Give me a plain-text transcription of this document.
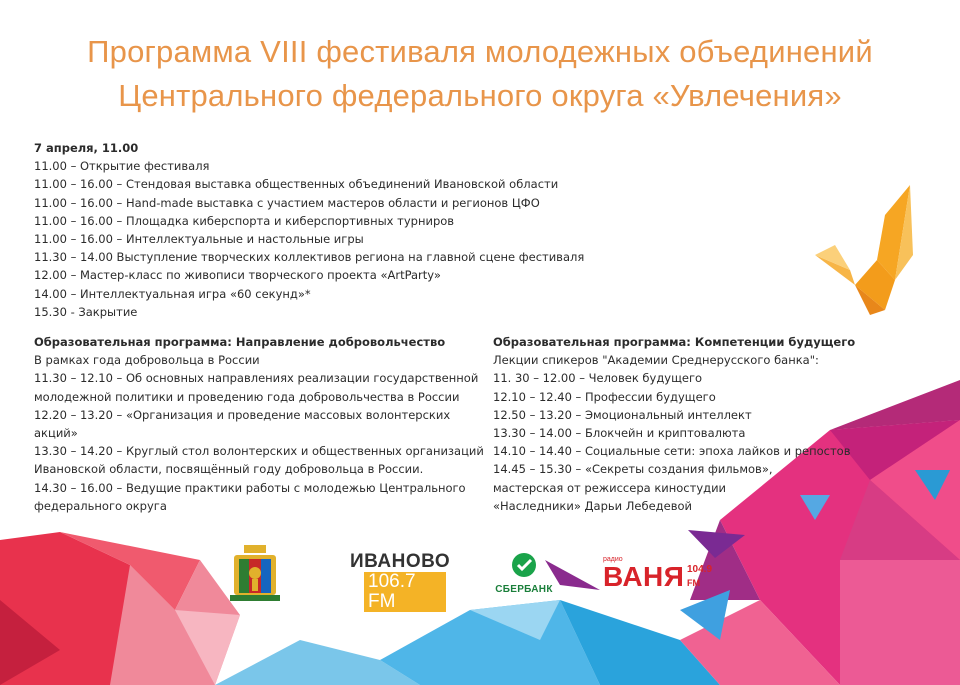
Программа VIII фестиваля молодежных объединений
Центрального федерального округа «Увлечения»
7 апреля, 11.00
11.00 – Открытие фестиваля
11.00 – 16.00 – Стендовая выставка общественных объединений Ивановской области
11.00 – 16.00 – Hand-made выставка с участием мастеров области и регионов ЦФО
11.00 – 16.00 – Площадка киберспорта и киберспортивных турниров
11.00 – 16.00 – Интеллектуальные и настольные игры
11.30 – 14.00 Выступление творческих коллективов региона на главной сцене фестиваля
12.00 – Мастер-класс по живописи творческого проекта «ArtParty»
14.00 – Интеллектуальная игра «60 секунд»*
15.30 - Закрытие
Образовательная программа: Направление добровольчество
В рамках года добровольца в России
11.30 – 12.10 – Об основных направлениях реализации государственной
молодежной политики и проведению года добровольчества в России
12.20 – 13.20 – «Организация и проведение массовых волонтерских
акций»
13.30 – 14.20 – Круглый стол волонтерских и общественных организаций
Ивановской области, посвящённый году добровольца в России.
14.30 – 16.00 – Ведущие практики работы с молодежью Центрального
федерального округа
Образовательная программа: Компетенции будущего
Лекции спикеров "Академии Среднерусского банка":
11. 30 – 12.00 – Человек будущего
12.10 – 12.40 – Профессии будущего
12.50 – 13.20 – Эмоциональный интеллект
13.30 – 14.00 – Блокчейн и криптовалюта
14.10 – 14.40 – Социальные сети: эпоха лайков и репостов
14.45 – 15.30 – «Секреты создания фильмов»,
мастерская от режиссера киностудии
«Наследники» Дарьи Лебедевой
ИВАНОВО
106.7 FM
СБЕРБАНК
радио
ВАНЯ 104.9
FM
